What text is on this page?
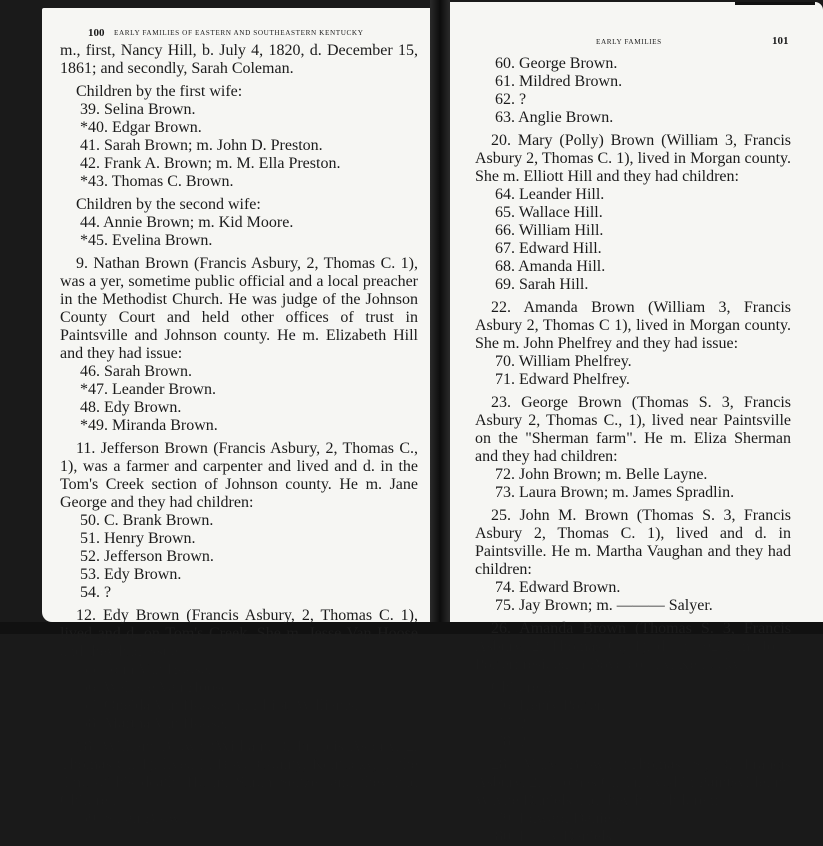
100 EARLY FAMILIES OF EASTERN AND SOUTHEASTERN KENTUCKY
EARLY FAMILIES	101

m., first, Nancy Hill, b. July 4, 1820, d. December 15, 1861; and secondly, Sarah Coleman.

Children by the first wife:

39. Selina Brown.

*40. Edgar Brown.

41. Sarah Brown; m. John D. Preston.

42. Frank A. Brown; m. M. Ella Preston.

*43. Thomas C. Brown.

Children by the second wife:

44. Annie Brown; m. Kid Moore.

*45. Evelina Brown.

9. Nathan Brown (Francis Asbury, 2, Thomas C. 1), was a yer, sometime public official and a local preacher in the Methodist Church. He was judge of the Johnson County Court and held other offices of trust in Paintsville and Johnson county. He m. Elizabeth Hill and they had issue:

46. Sarah Brown.

*47. Leander Brown.

48. Edy Brown.

*49. Miranda Brown.

11. Jefferson Brown (Francis Asbury, 2, Thomas C., 1), was a farmer and carpenter and lived and d. in the Tom's Creek section of Johnson county. He m. Jane George and they had children:

50. C. Brank Brown.

51. Henry Brown.

52. Jefferson Brown.

53. Edy Brown.

54. ?

12. Edy Brown (Francis Asbury, 2, Thomas C. 1), lived and d. on Tom's Creek. She m. Jesse Van Hoose and they had issue:

55. John Van Hoose.

56. Wallace Van Hoose.

57. Oneida Van Hoose; m. Elliott Williams.

58. Martha Van Hoose.

18. William Brown (William, 3, Francis Asbury, 2, Thomas C., 1), lived in Boyd County, Kentucky, at the time of his death. He m. Sarah Seltzer and they had Children.

59. Sarah Brown.

60. George Brown.

61. Mildred Brown.

62. ?

63. Anglie Brown.

20. Mary (Polly) Brown (William 3, Francis Asbury 2, Thomas C. 1), lived in Morgan county. She m. Elliott Hill and they had children:

64. Leander Hill.

65. Wallace Hill.

66. William Hill.

67. Edward Hill.

68. Amanda Hill.

69. Sarah Hill.

22. Amanda Brown (William 3, Francis Asbury 2, Thomas C 1), lived in Morgan county. She m. John Phelfrey and they had issue:

70. William Phelfrey.

71. Edward Phelfrey.

23. George Brown (Thomas S. 3, Francis Asbury 2, Thomas C., 1), lived near Paintsville on the "Sherman farm". He m. Eliza Sherman and they had children:

72. John Brown; m. Belle Layne.

73. Laura Brown; m. James Spradlin.

25. John M. Brown (Thomas S. 3, Francis Asbury 2, Thomas C. 1), lived and d. in Paintsville. He m. Martha Vaughan and they had children:

74. Edward Brown.

75. Jay Brown; m. ——— Salyer.

26. Amanda Brown (Thomas S. 3, Francis Asbury, 2, Thomas C., 1), d. in 1927; m. John Porter; resided in Boyd county, Kentucky.

Children:

76. Henry Porter.

77. ?

78. ?

28. Mary Brown (Thomas S., 3, Francis Asbury, 2, Thomas C., 1), lived in Paintsville; m. Wayne Daniels and they had children:

79. Edward Daniels.

80. Fanny Daniels.
